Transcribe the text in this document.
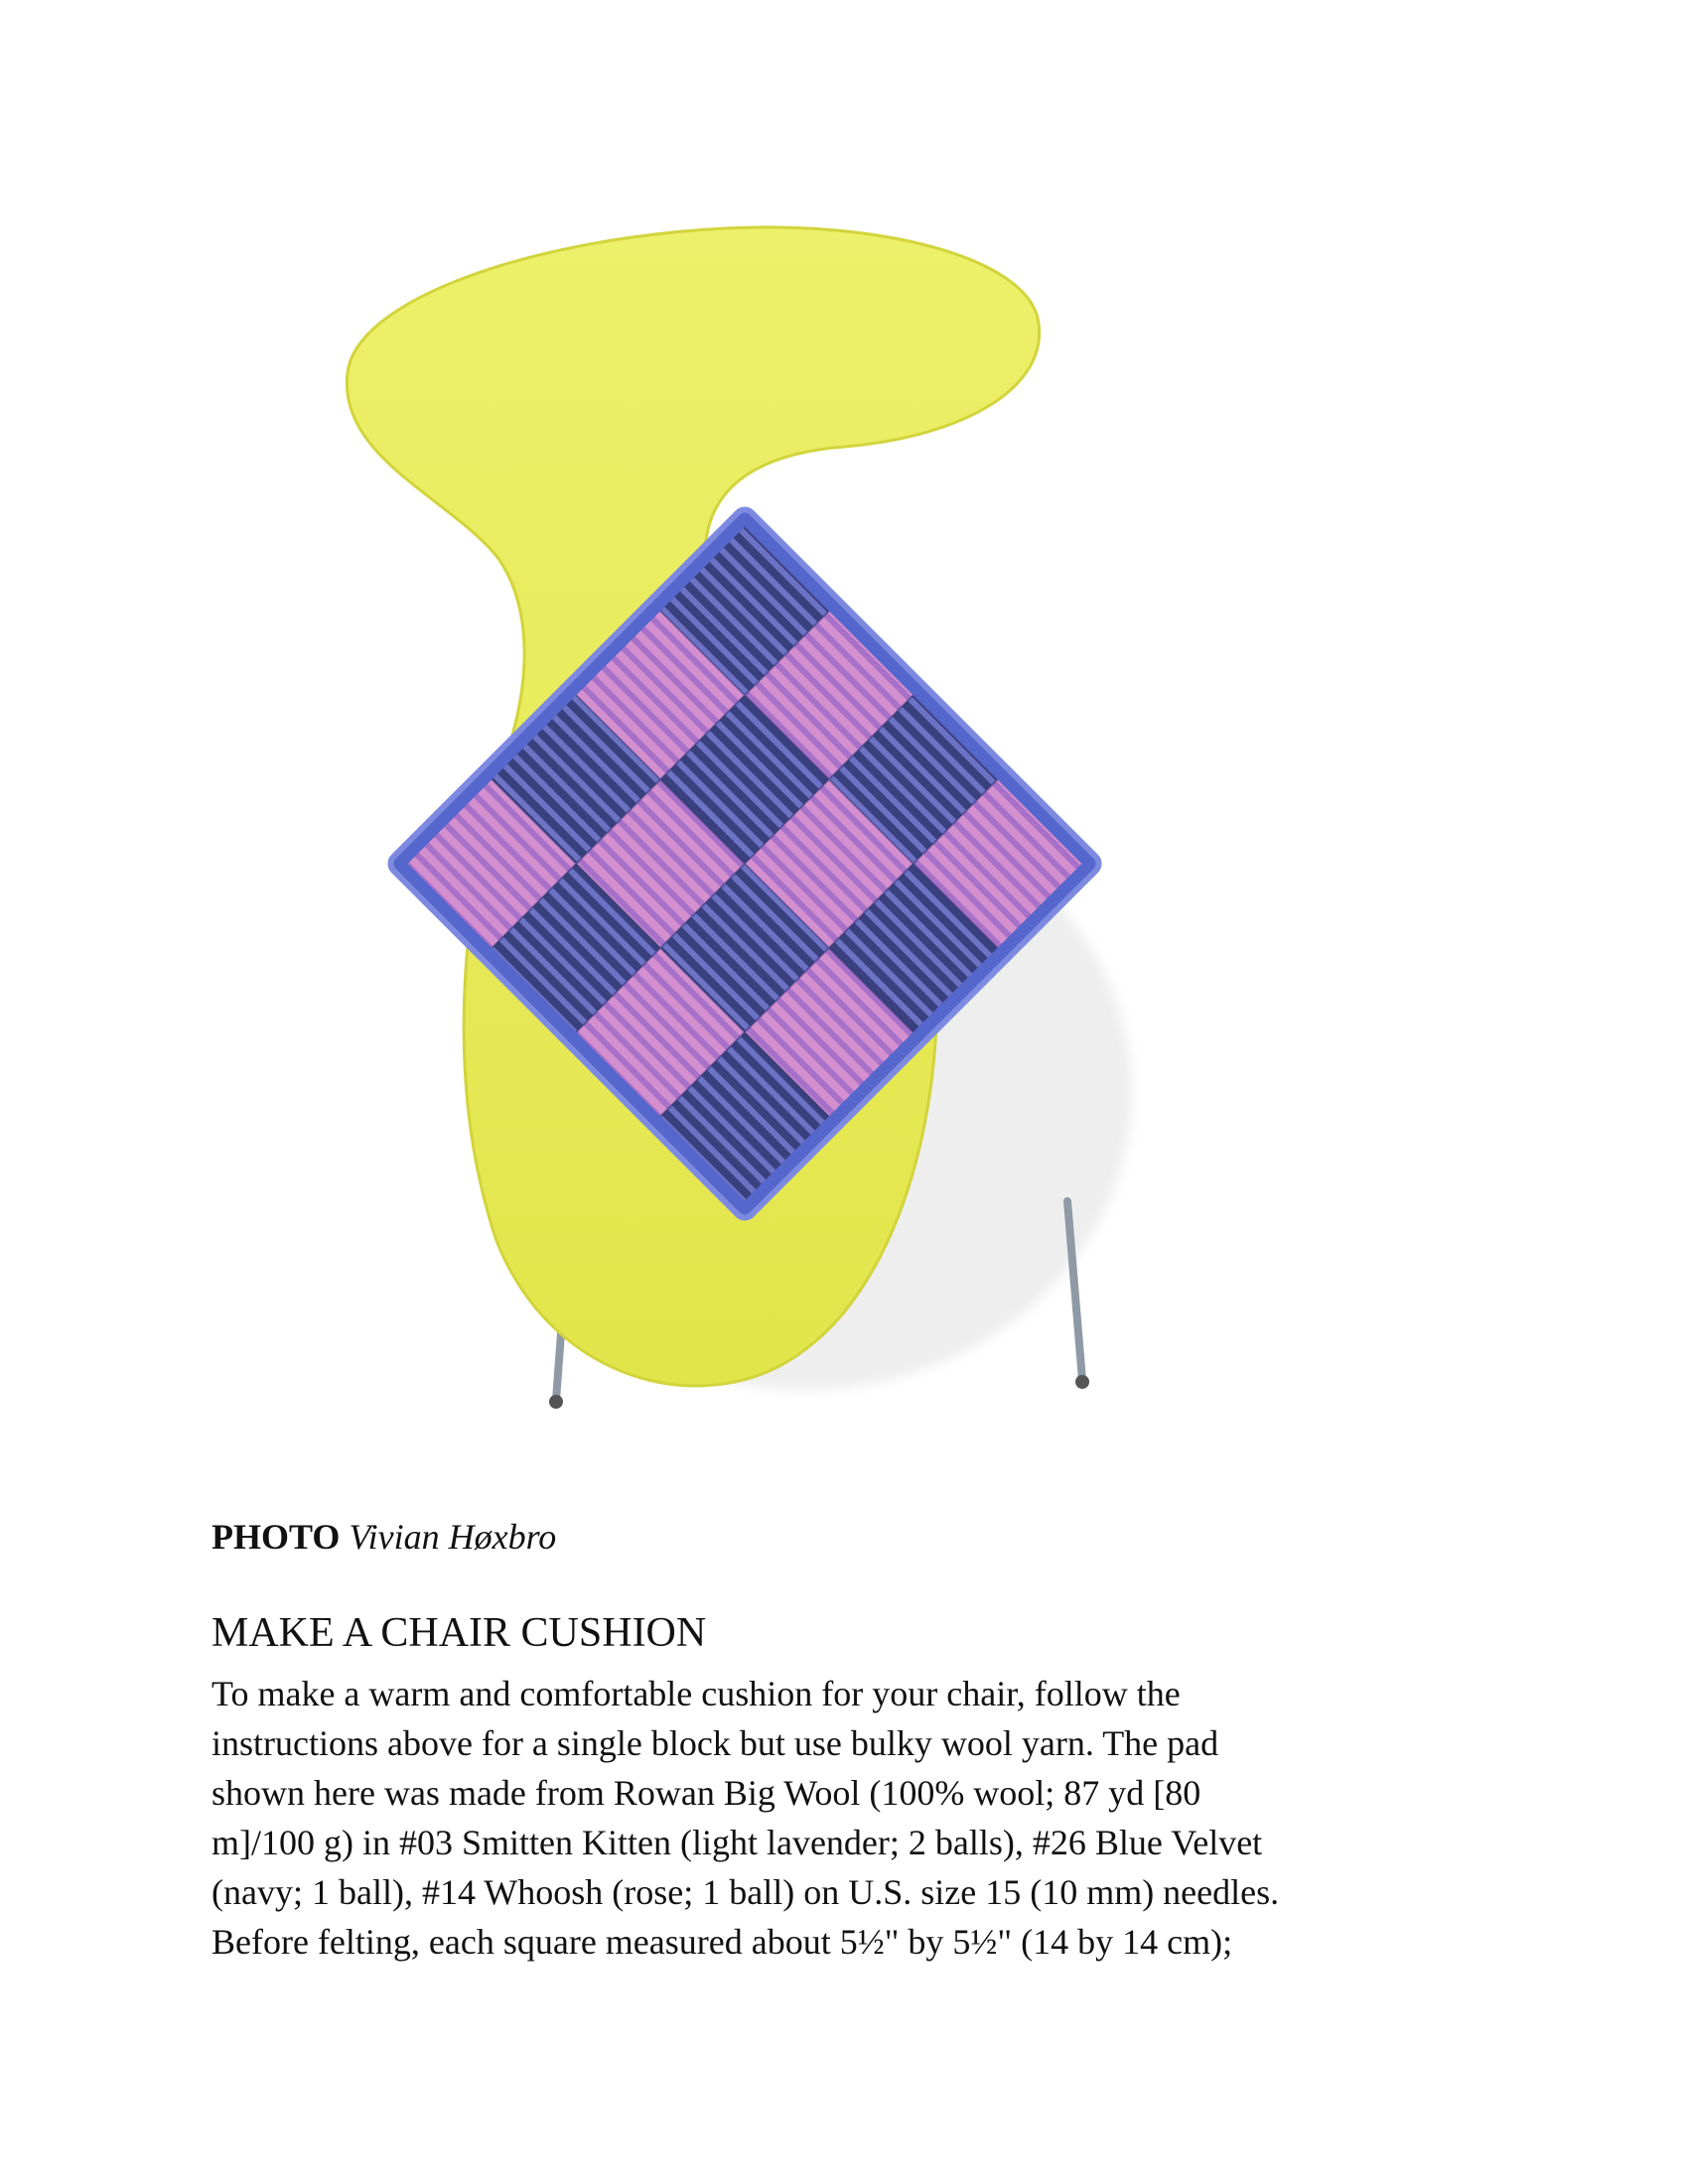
PHOTO Vivian Høxbro
MAKE A CHAIR CUSHION
To make a warm and comfortable cushion for your chair, follow the
instructions above for a single block but use bulky wool yarn. The pad
shown here was made from Rowan Big Wool (100% wool; 87 yd [80
m]/100 g) in #03 Smitten Kitten (light lavender; 2 balls), #26 Blue Velvet
(navy; 1 ball), #14 Whoosh (rose; 1 ball) on U.S. size 15 (10 mm) needles.
Before felting, each square measured about 5½" by 5½" (14 by 14 cm);
